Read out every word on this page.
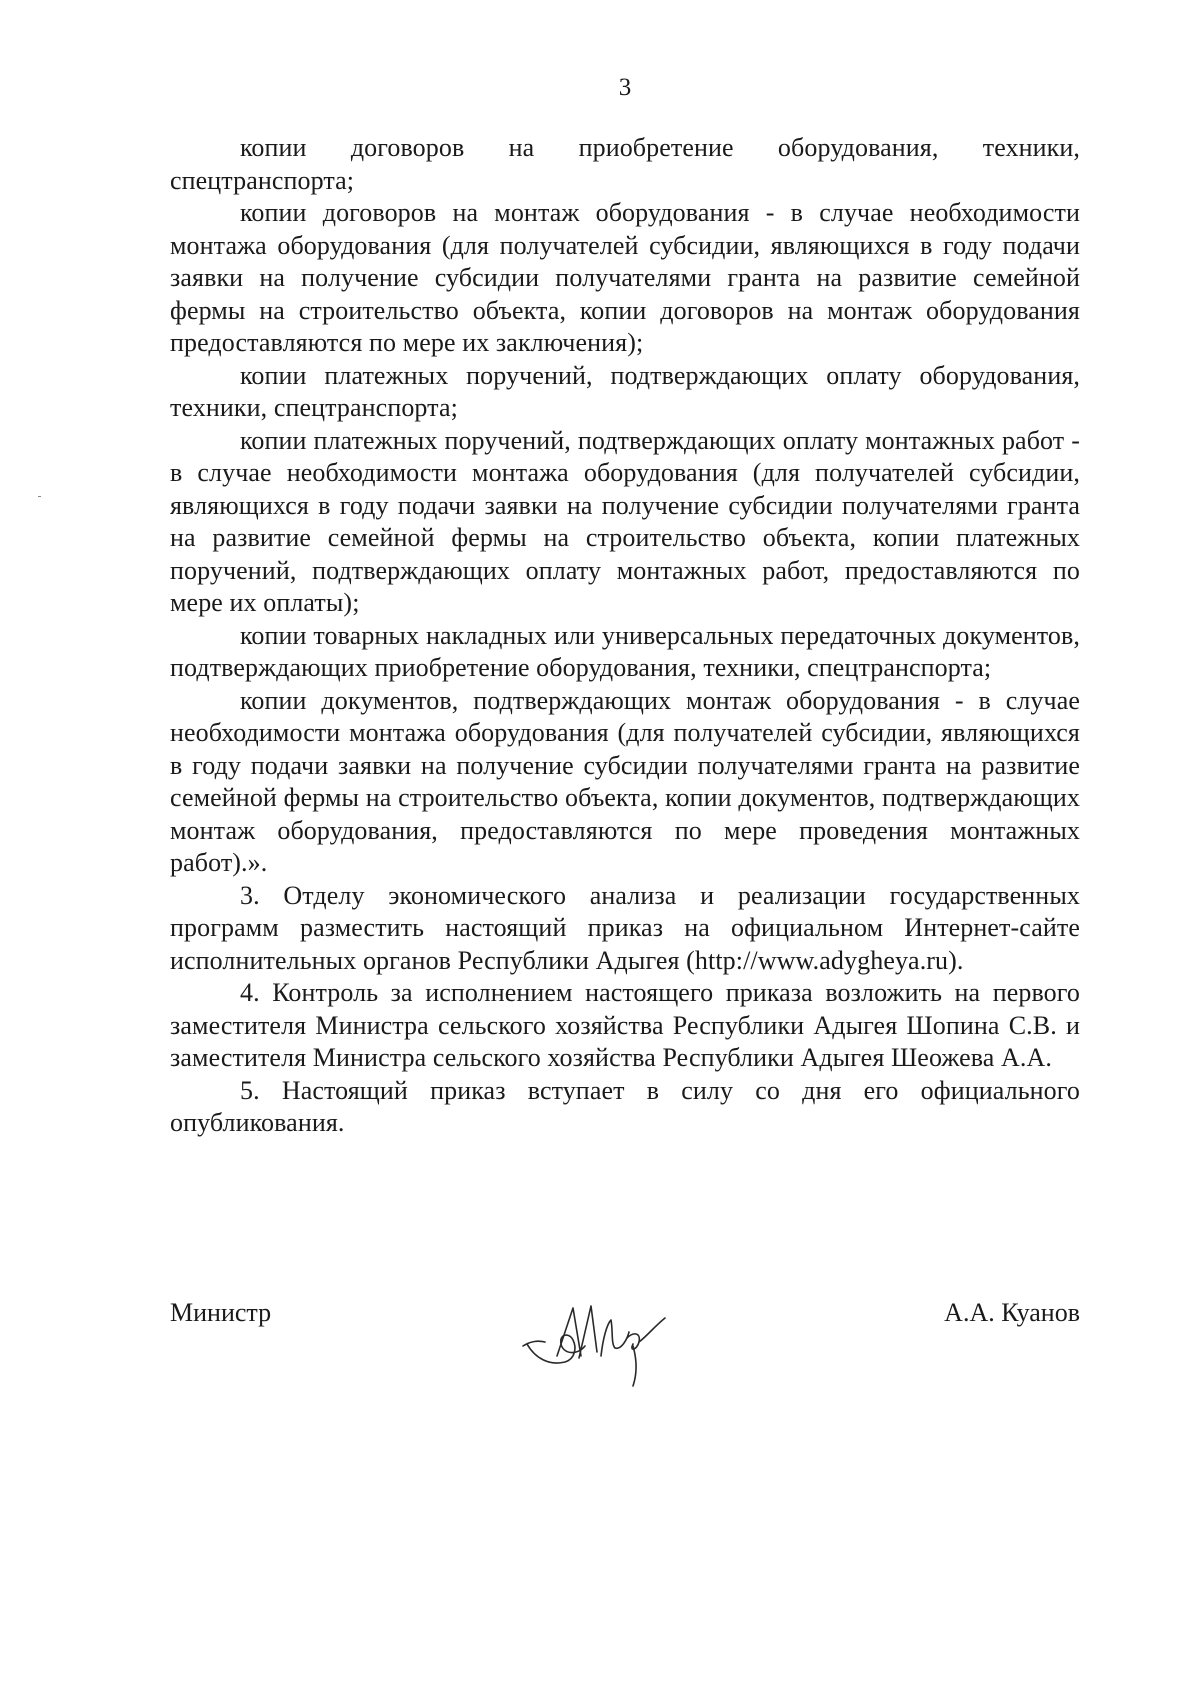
3

копии договоров на приобретение оборудования, техники, спецтранспорта;

копии договоров на монтаж оборудования - в случае необходимости монтажа оборудования (для получателей субсидии, являющихся в году подачи заявки на получение субсидии получателями гранта на развитие семейной фермы на строительство объекта, копии договоров на монтаж оборудования предоставляются по мере их заключения);

копии платежных поручений, подтверждающих оплату оборудования, техники, спецтранспорта;

копии платежных поручений, подтверждающих оплату монтажных работ - в случае необходимости монтажа оборудования (для получателей субсидии, являющихся в году подачи заявки на получение субсидии получателями гранта на развитие семейной фермы на строительство объекта, копии платежных поручений, подтверждающих оплату монтажных работ, предоставляются по мере их оплаты);

копии товарных накладных или универсальных передаточных документов, подтверждающих приобретение оборудования, техники, спецтранспорта;

копии документов, подтверждающих монтаж оборудования - в случае необходимости монтажа оборудования (для получателей субсидии, являющихся в году подачи заявки на получение субсидии получателями гранта на развитие семейной фермы на строительство объекта, копии документов, подтверждающих монтаж оборудования, предоставляются по мере проведения монтажных работ).».

3. Отделу экономического анализа и реализации государственных программ разместить настоящий приказ на официальном Интернет-сайте исполнительных органов Республики Адыгея (http://www.adygheya.ru).

4. Контроль за исполнением настоящего приказа возложить на первого заместителя Министра сельского хозяйства Республики Адыгея Шопина С.В. и заместителя Министра сельского хозяйства Республики Адыгея Шеожева А.А.

5. Настоящий приказ вступает в силу со дня его официального опубликования.

Министр	А.А. Куанов
